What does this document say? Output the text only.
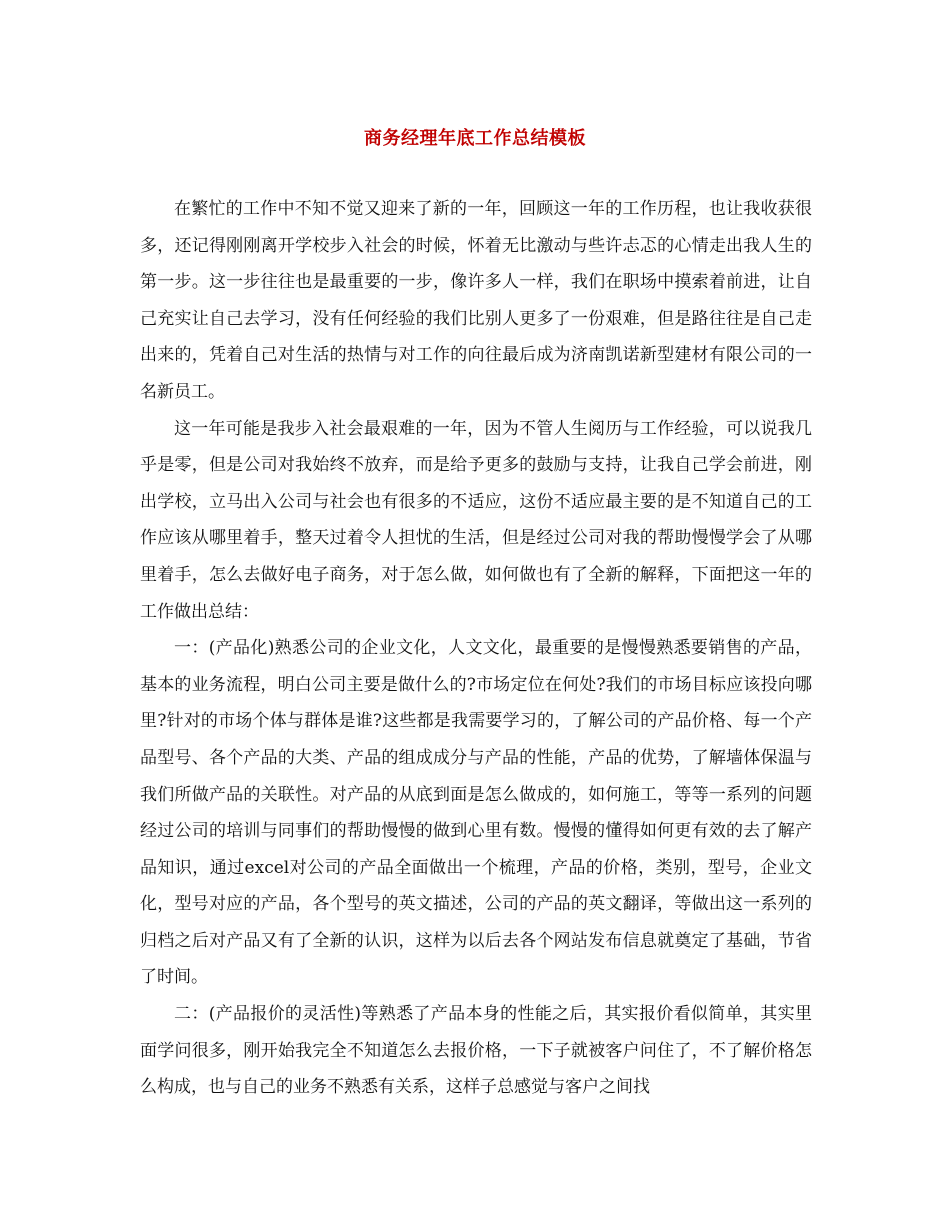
商务经理年底工作总结模板

在繁忙的工作中不知不觉又迎来了新的一年，回顾这一年的工作历程，也让我收获很多，还记得刚刚离开学校步入社会的时候，怀着无比激动与些许忐忑的心情走出我人生的第一步。这一步往往也是最重要的一步，像许多人一样，我们在职场中摸索着前进，让自己充实让自己去学习，没有任何经验的我们比别人更多了一份艰难，但是路往往是自己走出来的，凭着自己对生活的热情与对工作的向往最后成为济南凯诺新型建材有限公司的一名新员工。

这一年可能是我步入社会最艰难的一年，因为不管人生阅历与工作经验，可以说我几乎是零，但是公司对我始终不放弃，而是给予更多的鼓励与支持，让我自己学会前进，刚出学校，立马出入公司与社会也有很多的不适应，这份不适应最主要的是不知道自己的工作应该从哪里着手，整天过着令人担忧的生活，但是经过公司对我的帮助慢慢学会了从哪里着手，怎么去做好电子商务，对于怎么做，如何做也有了全新的解释，下面把这一年的工作做出总结：

一：(产品化)熟悉公司的企业文化，人文文化，最重要的是慢慢熟悉要销售的产品，基本的业务流程，明白公司主要是做什么的?市场定位在何处?我们的市场目标应该投向哪里?针对的市场个体与群体是谁?这些都是我需要学习的，了解公司的产品价格、每一个产品型号、各个产品的大类、产品的组成成分与产品的性能，产品的优势，了解墙体保温与我们所做产品的关联性。对产品的从底到面是怎么做成的，如何施工，等等一系列的问题经过公司的培训与同事们的帮助慢慢的做到心里有数。慢慢的懂得如何更有效的去了解产品知识，通过excel对公司的产品全面做出一个梳理，产品的价格，类别，型号，企业文化，型号对应的产品，各个型号的英文描述，公司的产品的英文翻译，等做出这一系列的归档之后对产品又有了全新的认识，这样为以后去各个网站发布信息就奠定了基础，节省了时间。

二：(产品报价的灵活性)等熟悉了产品本身的性能之后，其实报价看似简单，其实里面学问很多，刚开始我完全不知道怎么去报价格，一下子就被客户问住了，不了解价格怎么构成，也与自己的业务不熟悉有关系，这样子总感觉与客户之间找
